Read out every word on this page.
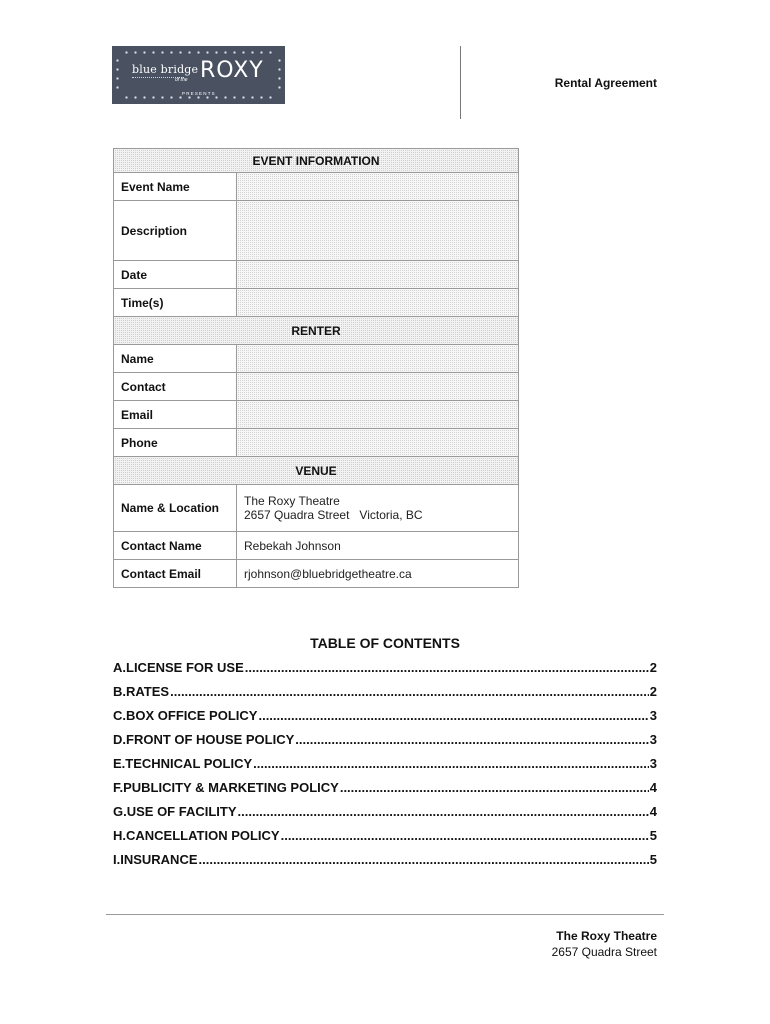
blue bridge
of the ROXY
PRESENTS
Rental Agreement
EVENT INFORMATION	
Event Name	
Description	
Date	
Time(s)	
RENTER	
Name	
Contact	
Email	
Phone	
VENUE	
Name & Location	The Roxy Theatre
2657 Quadra Street   Victoria, BC

Contact Name	Rebekah Johnson
Contact Email	rjohnson@bluebridgetheatre.ca
TABLE OF CONTENTS
A.LICENSE FOR USE .....	2
B.RATES .....	2
C.BOX OFFICE POLICY .....	3
D.FRONT OF HOUSE POLICY .....	3
E.TECHNICAL POLICY .....	3
F.PUBLICITY & MARKETING POLICY .....	4
G.USE OF FACILITY .....	4
H.CANCELLATION POLICY .....	5
I.INSURANCE .....	5
The Roxy Theatre
2657 Quadra Street
